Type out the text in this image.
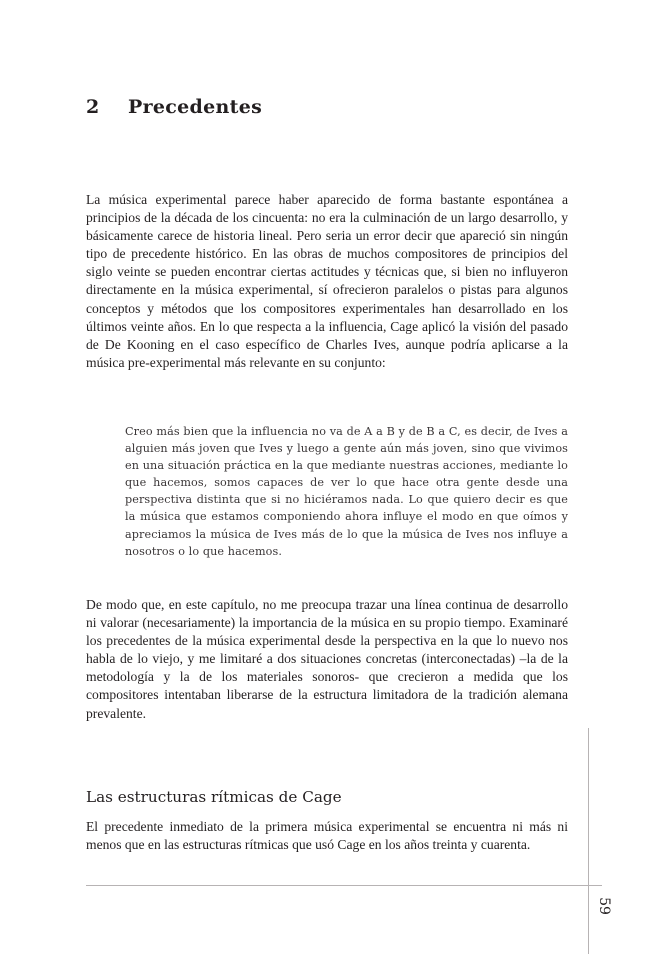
2 Precedentes

La música experimental parece haber aparecido de forma bastante espontánea a principios de la década de los cincuenta: no era la culminación de un largo desarrollo, y básicamente carece de historia lineal. Pero seria un error decir que apareció sin ningún tipo de precedente histórico. En las obras de muchos compositores de principios del siglo veinte se pueden encontrar ciertas actitudes y técnicas que, si bien no influyeron directamente en la música experimental, sí ofrecieron paralelos o pistas para algunos conceptos y métodos que los compositores experimentales han desarrollado en los últimos veinte años. En lo que respecta a la influencia, Cage aplicó la visión del pasado de De Kooning en el caso específico de Charles Ives, aunque podría aplicarse a la música pre-experimental más relevante en su conjunto:

Creo más bien que la influencia no va de A a B y de B a C, es decir, de Ives a alguien más joven que Ives y luego a gente aún más joven, sino que vivimos en una situación práctica en la que mediante nuestras acciones, mediante lo que hacemos, somos capaces de ver lo que hace otra gente desde una perspectiva distinta que si no hiciéramos nada. Lo que quiero decir es que la música que estamos componiendo ahora influye el modo en que oímos y apreciamos la música de Ives más de lo que la música de Ives nos influye a nosotros o lo que hacemos.

De modo que, en este capítulo, no me preocupa trazar una línea continua de desarrollo ni valorar (necesariamente) la importancia de la música en su propio tiempo. Examinaré los precedentes de la música experimental desde la perspectiva en la que lo nuevo nos habla de lo viejo, y me limitaré a dos situaciones concretas (interconectadas) –la de la metodología y la de los materiales sonoros- que crecieron a medida que los compositores intentaban liberarse de la estructura limitadora de la tradición alemana prevalente.

Las estructuras rítmicas de Cage

El precedente inmediato de la primera música experimental se encuentra ni más ni menos que en las estructuras rítmicas que usó Cage en los años treinta y cuarenta.

59
